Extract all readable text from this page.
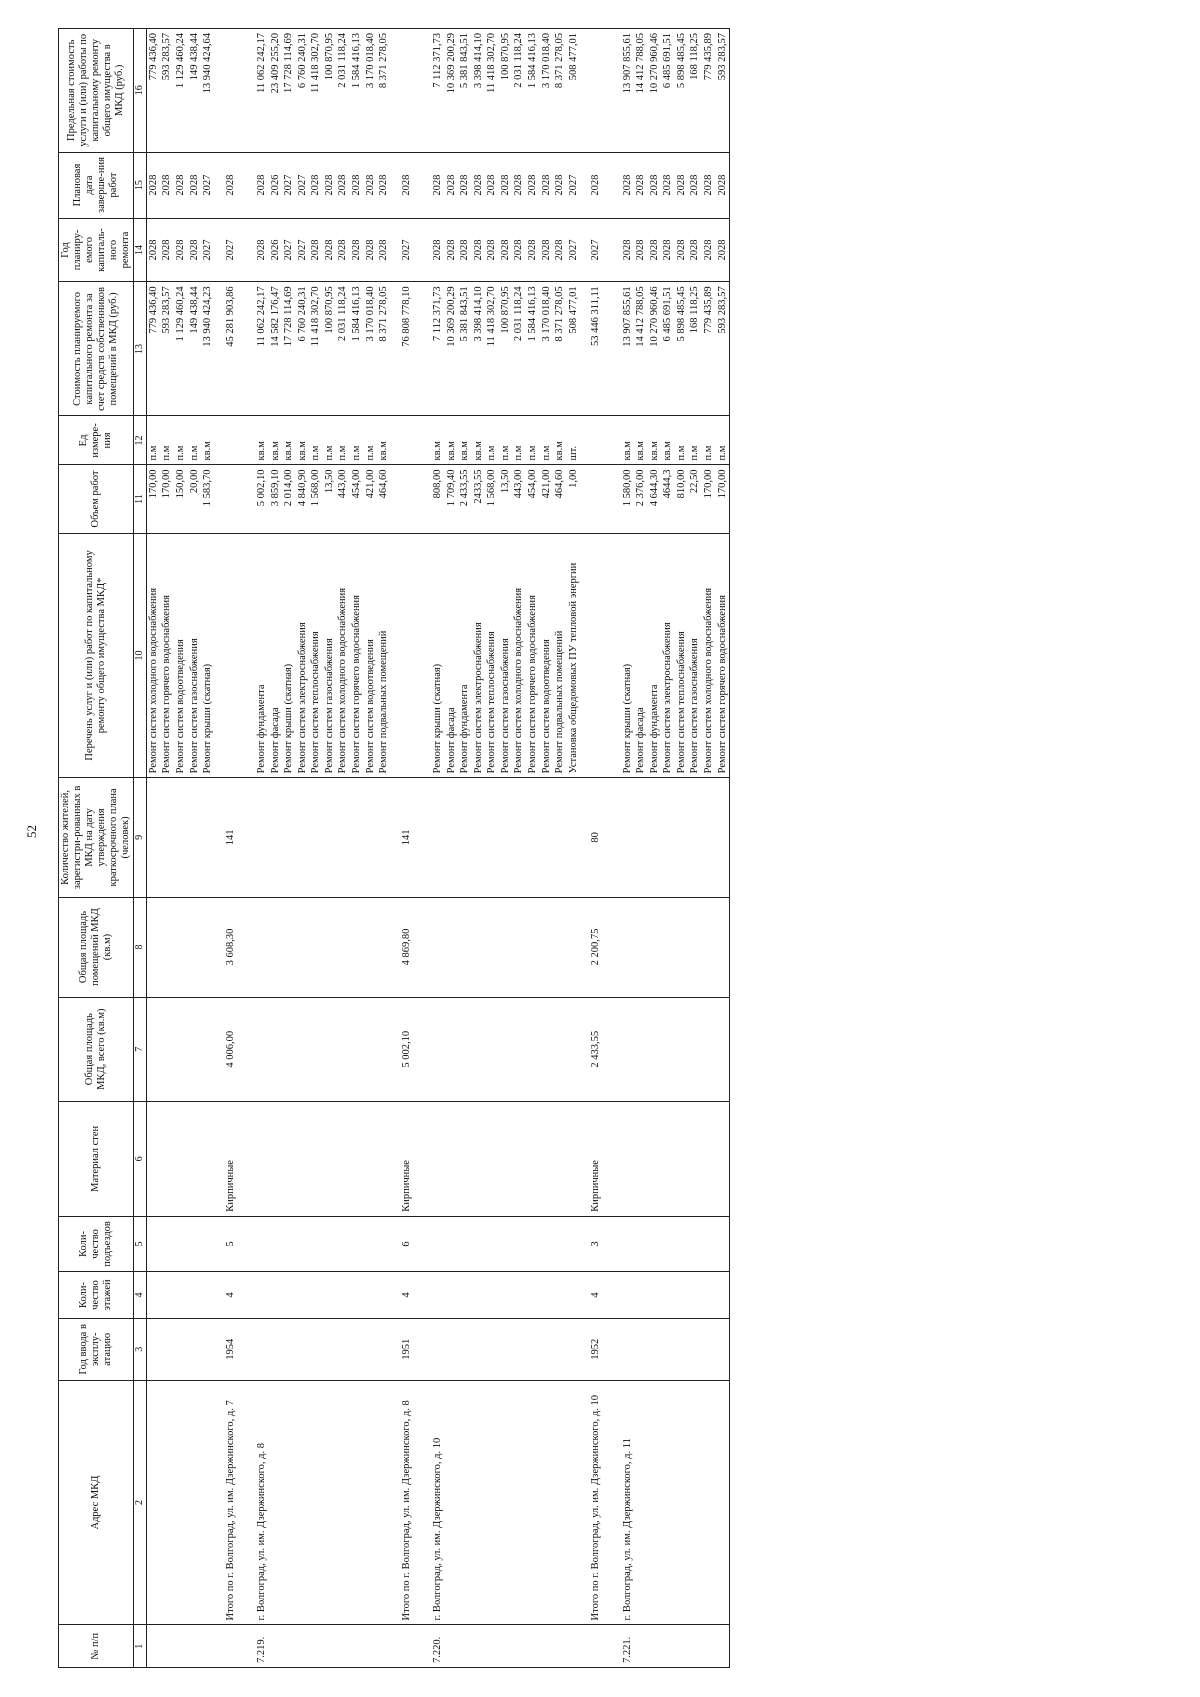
52
№ п/п	Адрес МКД	Год ввода в эксплу-атацию	Коли-чество этажей	Коли-чество подъездов	Материал стен	Общая площадь МКД, всего (кв.м)	Общая площадь помещений МКД (кв.м)	Количество жителей, зарегистри-рованных в МКД на дату утверждения краткосрочного плана (человек)	Перечень услуг и (или) работ по капитальному ремонту общего имущества МКД*	Объем работ	Ед измере-ния	Стоимость планируемого капитального ремонта за счет средств собственников помещений в МКД (руб.)	Год планиру-емого капиталь-ного ремонта	Плановая дата заверше-ния работ	Предельная стоимость услуги и (или) работы по капитальному ремонту общего имущества в МКД (руб.)
1	2	3	4	5	6	7	8	9	10	11	12	13	14	15	16
									Ремонт систем холодного водоснабжения	170,00	п.м	779 436,40	2028	2028	779 436,40
									Ремонт систем горячего водоснабжения	170,00	п.м	593 283,57	2028	2028	593 283,57
									Ремонт систем водоотведения	150,00	п.м	1 129 460,24	2028	2028	1 129 460,24
									Ремонт систем газоснабжения	20,00	п.м	149 438,44	2028	2028	149 438,44
									Ремонт крыши (скатная)	1 583,70	кв.м	13 940 424,23	2027	2027	13 940 424,64
	Итого по г. Волгоград, ул. им. Дзержинского, д. 7	1954	4	5	Кирпичные	4 006,00	3 608,30	141				45 281 903,86	2027	2028	
7.219.	г. Волгоград, ул. им. Дзержинского, д. 8								Ремонт фундамента	5 002,10	кв.м	11 062 242,17	2028	2028	11 062 242,17
									Ремонт фасада	3 859,10	кв.м	14 582 176,47	2026	2026	23 409 255,20
									Ремонт крыши (скатная)	2 014,00	кв.м	17 728 114,69	2027	2027	17 728 114,69
									Ремонт систем электроснабжения	4 840,90	кв.м	6 760 240,31	2027	2027	6 760 240,31
									Ремонт систем теплоснабжения	1 568,00	п.м	11 418 302,70	2028	2028	11 418 302,70
									Ремонт систем газоснабжения	13,50	п.м	100 870,95	2028	2028	100 870,95
									Ремонт систем холодного водоснабжения	443,00	п.м	2 031 118,24	2028	2028	2 031 118,24
									Ремонт систем горячего водоснабжения	454,00	п.м	1 584 416,13	2028	2028	1 584 416,13
									Ремонт систем водоотведения	421,00	п.м	3 170 018,40	2028	2028	3 170 018,40
									Ремонт подвальных помещений	464,60	кв.м	8 371 278,05	2028	2028	8 371 278,05
	Итого по г. Волгоград, ул. им. Дзержинского, д. 8	1951	4	6	Кирпичные	5 002,10	4 869,80	141				76 808 778,10	2027	2028	
7.220.	г. Волгоград, ул. им. Дзержинского, д. 10								Ремонт крыши (скатная)	808,00	кв.м	7 112 371,73	2028	2028	7 112 371,73
									Ремонт фасада	1 709,40	кв.м	10 369 200,29	2028	2028	10 369 200,29
									Ремонт фундамента	2 433,55	кв.м	5 381 843,51	2028	2028	5 381 843,51
									Ремонт систем электроснабжения	2433,55	кв.м	3 398 414,10	2028	2028	3 398 414,10
									Ремонт систем теплоснабжения	1 568,00	п.м	11 418 302,70	2028	2028	11 418 302,70
									Ремонт систем газоснабжения	13,50	п.м	100 870,95	2028	2028	100 870,95
									Ремонт систем холодного водоснабжения	443,00	п.м	2 031 118,24	2028	2028	2 031 118,24
									Ремонт систем горячего водоснабжения	454,00	п.м	1 584 416,13	2028	2028	1 584 416,13
									Ремонт систем водоотведения	421,00	п.м	3 170 018,40	2028	2028	3 170 018,40
									Ремонт подвальных помещений	464,60	кв.м	8 371 278,05	2028	2028	8 371 278,05
									Установка общедомовых ПУ тепловой энергии	1,00	шт.	508 477,01	2027	2027	508 477,01
	Итого по г. Волгоград, ул. им. Дзержинского, д. 10	1952	4	3	Кирпичные	2 433,55	2 200,75	80				53 446 311,11	2027	2028	
7.221.	г. Волгоград, ул. им. Дзержинского, д. 11								Ремонт крыши (скатная)	1 580,00	кв.м	13 907 855,61	2028	2028	13 907 855,61
									Ремонт фасада	2 376,00	кв.м	14 412 788,05	2028	2028	14 412 788,05
									Ремонт фундамента	4 644,30	кв.м	10 270 960,46	2028	2028	10 270 960,46
									Ремонт систем электроснабжения	4644,3	кв.м	6 485 691,51	2028	2028	6 485 691,51
									Ремонт систем теплоснабжения	810,00	п.м	5 898 485,45	2028	2028	5 898 485,45
									Ремонт систем газоснабжения	22,50	п.м	168 118,25	2028	2028	168 118,25
									Ремонт систем холодного водоснабжения	170,00	п.м	779 435,89	2028	2028	779 435,89
									Ремонт систем горячего водоснабжения	170,00	п.м	593 283,57	2028	2028	593 283,57
